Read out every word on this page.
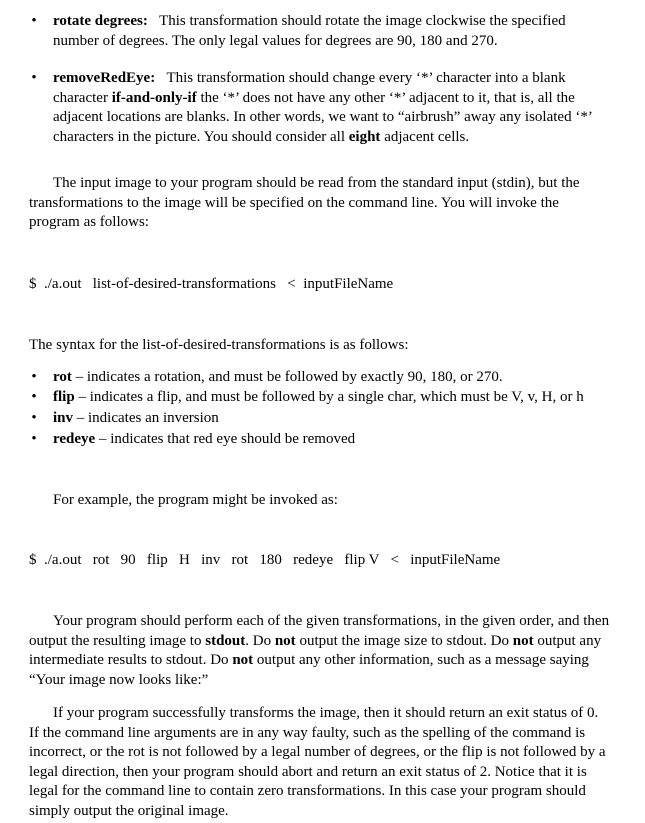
• rotate degrees: This transformation should rotate the image clockwise the specified
number of degrees. The only legal values for degrees are 90, 180 and 270.
• removeRedEye: This transformation should change every ‘*’ character into a blank
character if-and-only-if the ‘*’ does not have any other ‘*’ adjacent to it, that is, all the
adjacent locations are blanks. In other words, we want to “airbrush” away any isolated ‘*’
characters in the picture. You should consider all eight adjacent cells.
The input image to your program should be read from the standard input (stdin), but the
transformations to the image will be specified on the command line. You will invoke the
program as follows:
$  ./a.out   list-of-desired-transformations   <  inputFileName
The syntax for the list-of-desired-transformations is as follows:
• rot – indicates a rotation, and must be followed by exactly 90, 180, or 270.
• flip – indicates a flip, and must be followed by a single char, which must be V, v, H, or h
• inv – indicates an inversion
• redeye – indicates that red eye should be removed
For example, the program might be invoked as:
$  ./a.out   rot   90   flip   H   inv   rot   180   redeye   flip V   <   inputFileName
Your program should perform each of the given transformations, in the given order, and then
output the resulting image to stdout. Do not output the image size to stdout. Do not output any
intermediate results to stdout. Do not output any other information, such as a message saying
“Your image now looks like:”
If your program successfully transforms the image, then it should return an exit status of 0.
If the command line arguments are in any way faulty, such as the spelling of the command is
incorrect, or the rot is not followed by a legal number of degrees, or the flip is not followed by a
legal direction, then your program should abort and return an exit status of 2. Notice that it is
legal for the command line to contain zero transformations. In this case your program should
simply output the original image.
